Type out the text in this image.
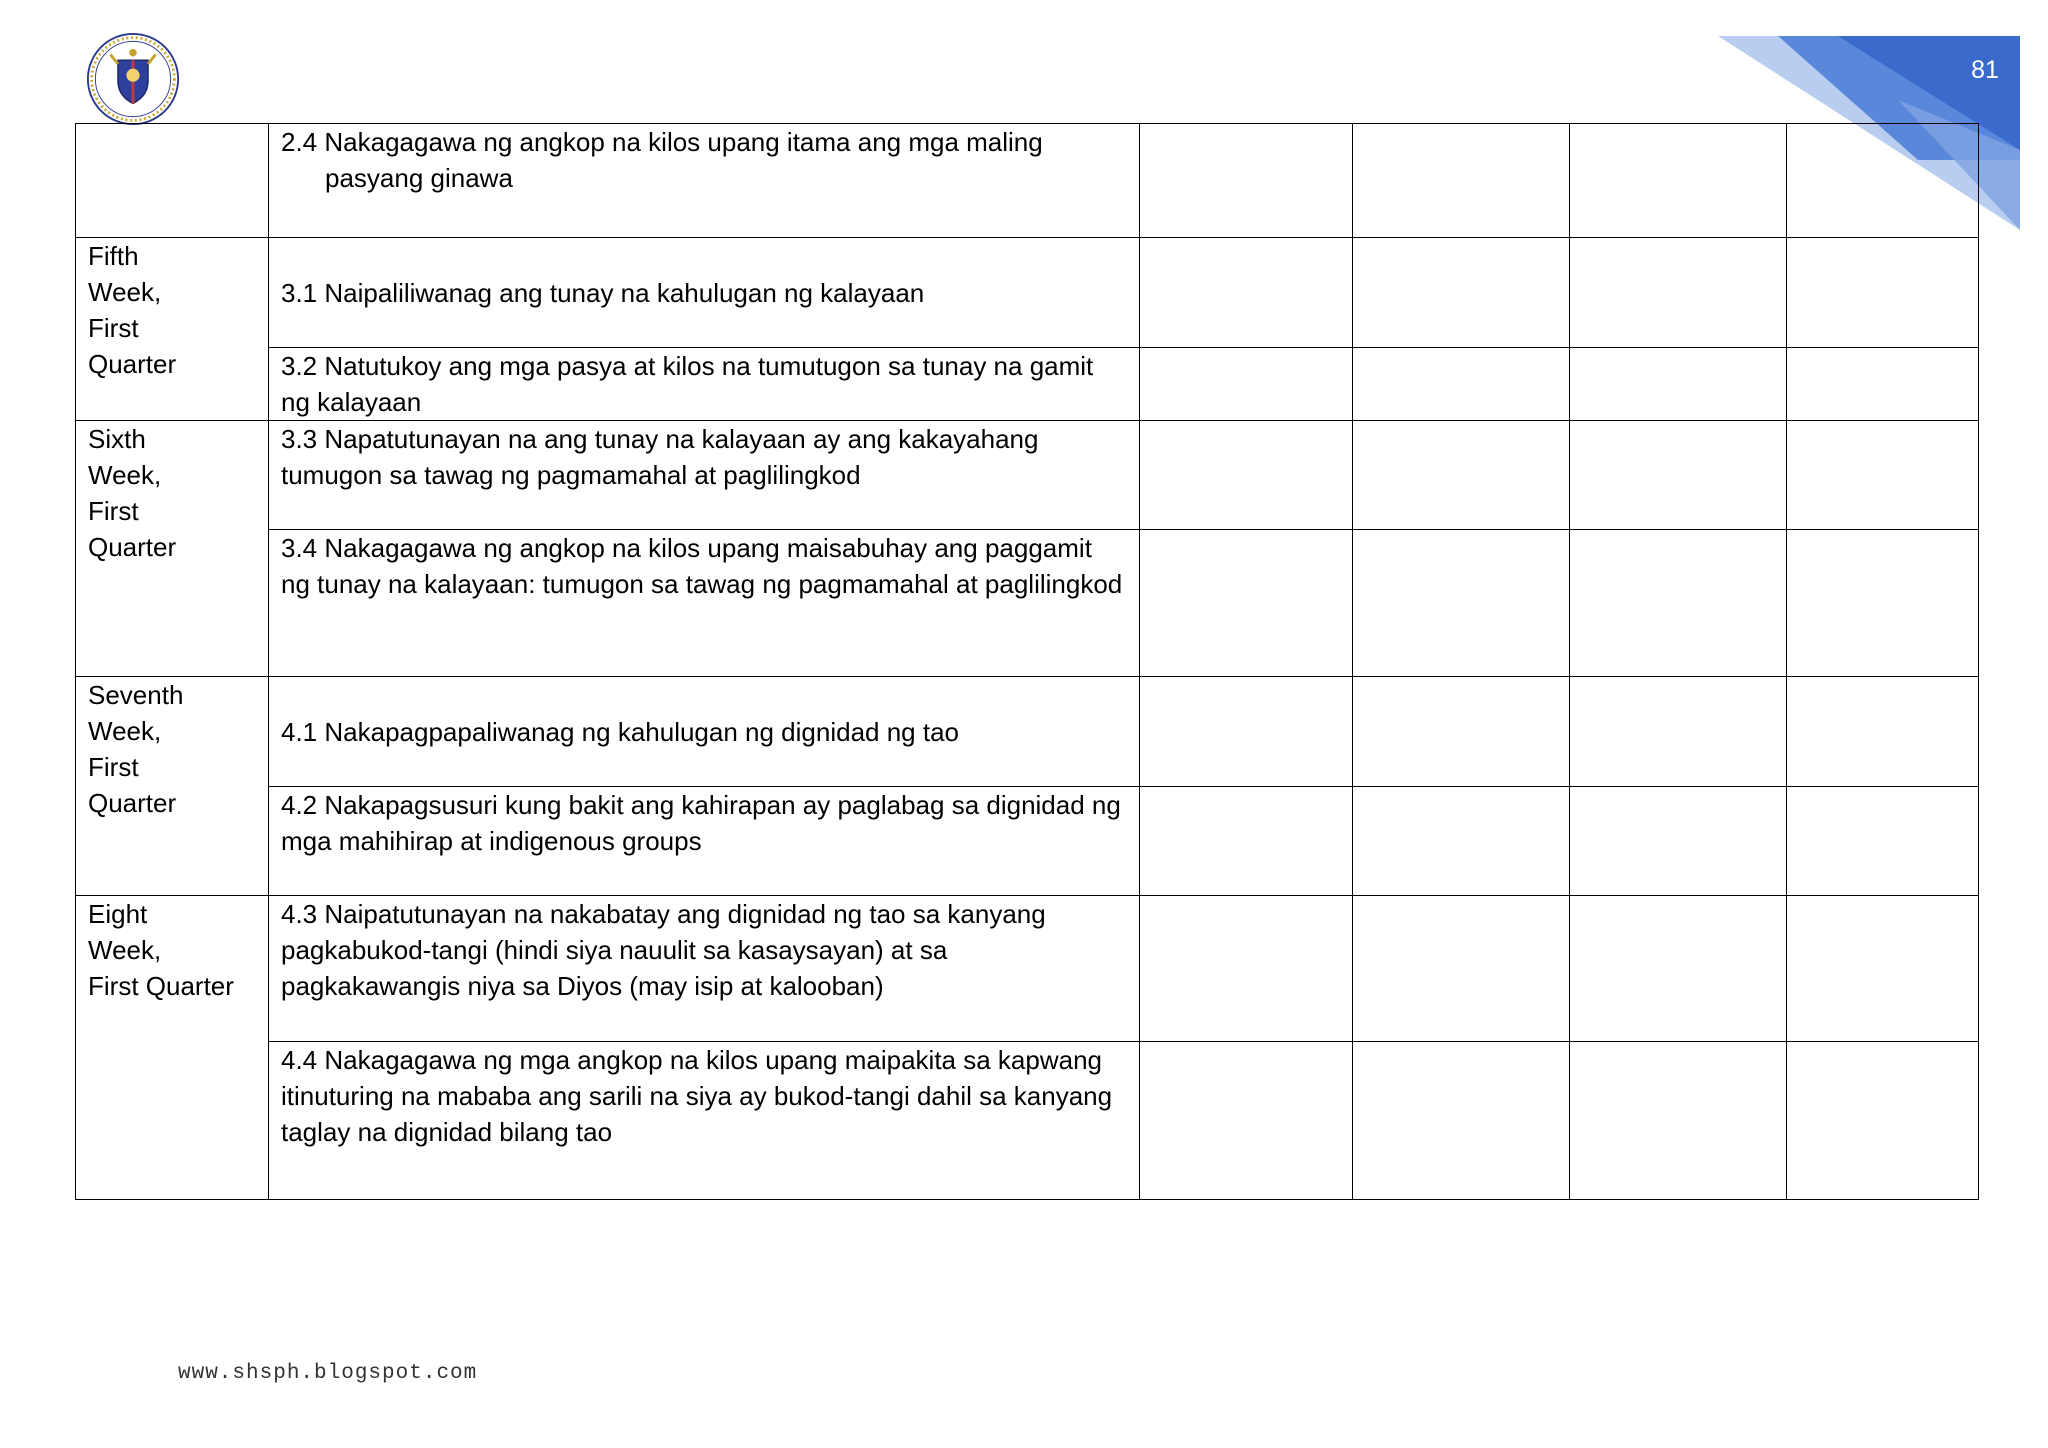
81

	2.4 Nakagagawa ng angkop na kilos upang itama ang mga maling pasyang ginawa				

Fifth
Week,
First
Quarter	3.1 Naipaliliwanag ang tunay na kahulugan ng kalayaan				
	3.2 Natutukoy ang mga pasya at kilos na tumutugon sa tunay na gamit ng kalayaan				
Sixth
Week,
First
Quarter	3.3 Napatutunayan na ang tunay na kalayaan ay ang kakayahang tumugon sa tawag ng pagmamahal at paglilingkod				
	3.4 Nakagagawa ng angkop na kilos upang maisabuhay ang paggamit ng tunay na kalayaan: tumugon sa tawag ng pagmamahal at paglilingkod				
Seventh
Week,
First
Quarter	4.1 Nakapagpapaliwanag ng kahulugan ng dignidad ng tao				
	4.2 Nakapagsusuri kung bakit ang kahirapan ay paglabag sa dignidad ng mga mahihirap at indigenous groups				
Eight
Week,
First Quarter	4.3 Naipatutunayan na nakabatay ang dignidad ng tao sa kanyang pagkabukod-tangi (hindi siya nauulit sa kasaysayan) at sa pagkakawangis niya sa Diyos (may isip at kalooban)				
	4.4 Nakagagawa ng mga angkop na kilos upang maipakita sa kapwang itinuturing na mababa ang sarili na siya ay bukod-tangi dahil sa kanyang taglay na dignidad bilang tao				
www.shsph.blogspot.com
